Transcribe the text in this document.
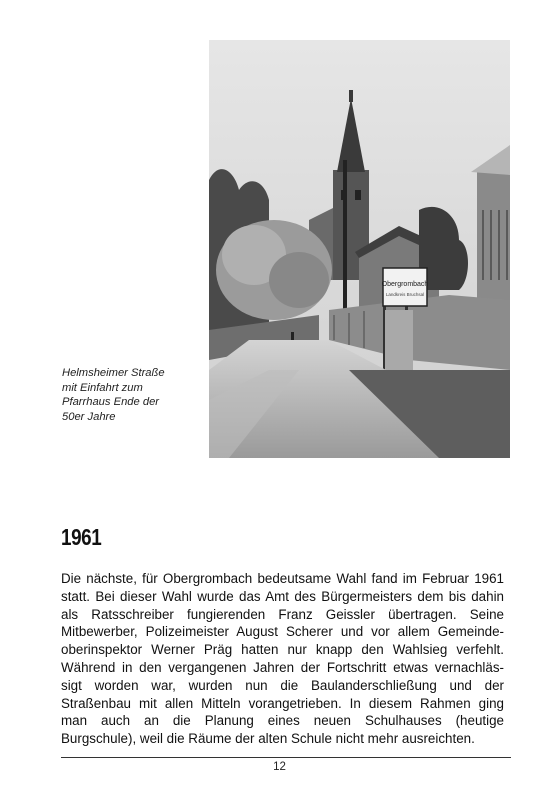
Obergrombach
Landkreis Bruchsal
Helmsheimer Straße
mit Einfahrt zum
Pfarrhaus Ende der
50er Jahre
1961
Die nächste, für Obergrombach bedeutsame Wahl fand im Februar 1961
statt. Bei dieser Wahl wurde das Amt des Bürgermeisters dem bis dahin
als Ratsschreiber fungierenden Franz Geissler übertragen. Seine
Mitbewerber, Polizeimeister August Scherer und vor allem Gemeinde-
oberinspektor Werner Präg hatten nur knapp den Wahlsieg verfehlt.
Während in den vergangenen Jahren der Fortschritt etwas vernachläs-
sigt worden war, wurden nun die Baulanderschließung und der
Straßenbau mit allen Mitteln vorangetrieben. In diesem Rahmen ging
man auch an die Planung eines neuen Schulhauses (heutige
Burgschule), weil die Räume der alten Schule nicht mehr ausreichten.
12
